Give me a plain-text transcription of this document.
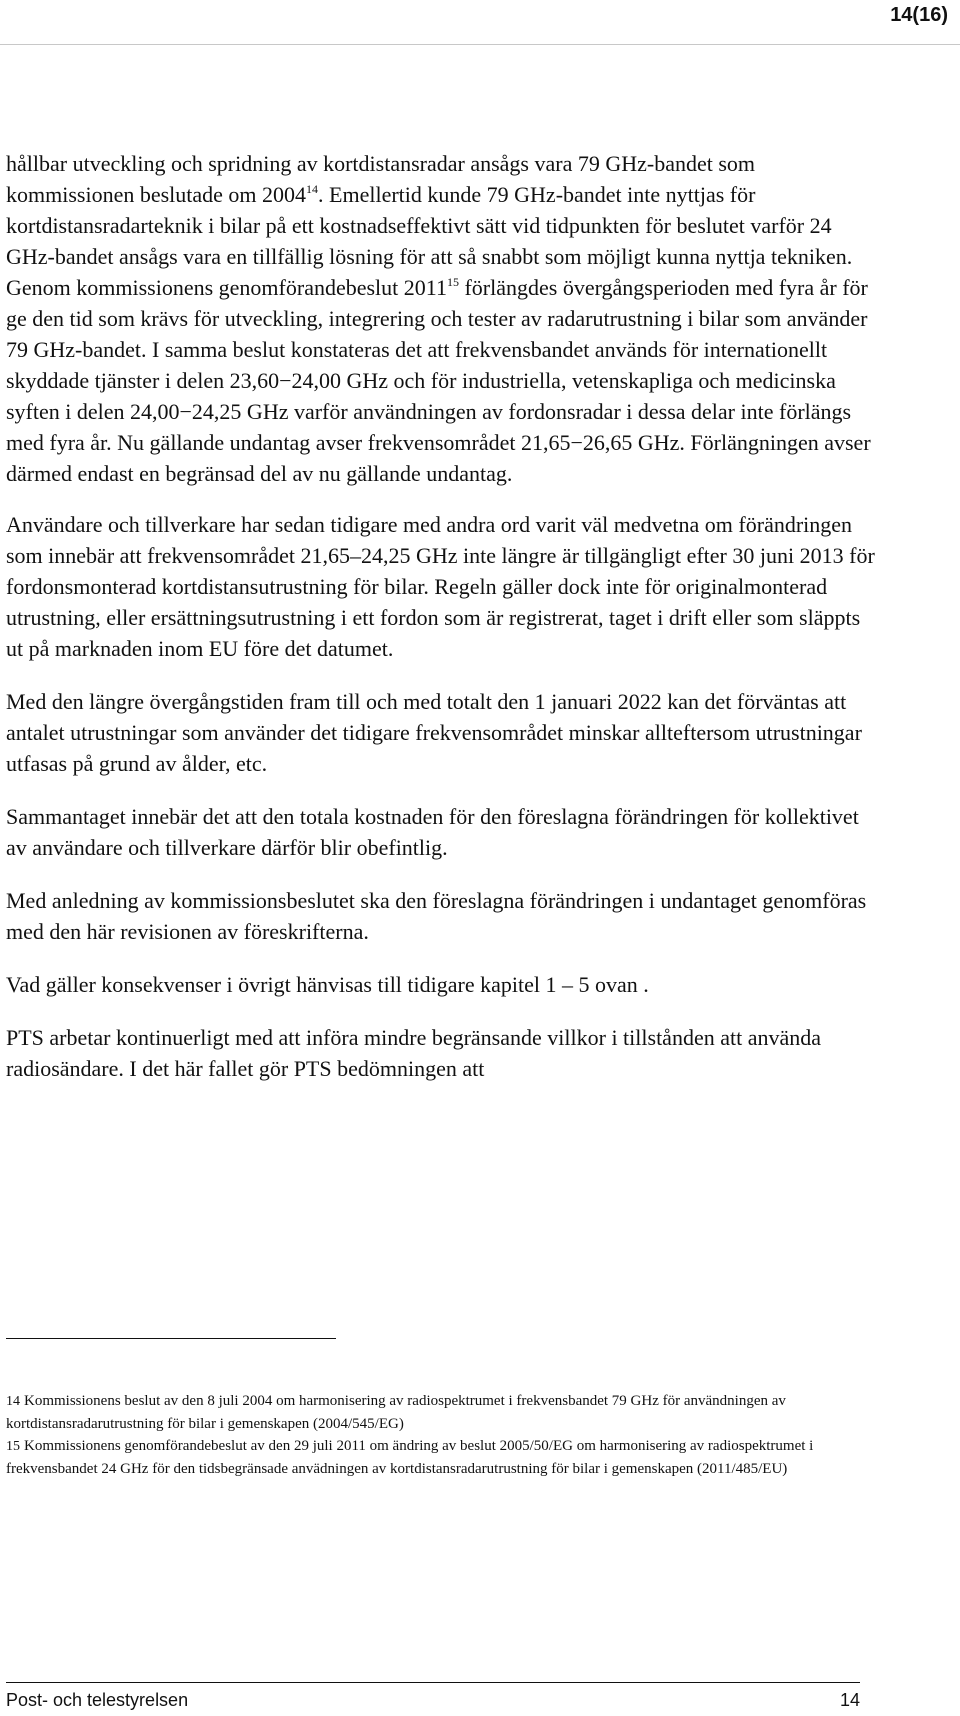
14(16)

hållbar utveckling och spridning av kortdistansradar ansågs vara 79 GHz-bandet som kommissionen beslutade om 2004$^{14}$. Emellertid kunde 79 GHz-bandet inte nyttjas för kortdistansradarteknik i bilar på ett kostnadseffektivt sätt vid tidpunkten för beslutet varför 24 GHz-bandet ansågs vara en tillfällig lösning för att så snabbt som möjligt kunna nyttja tekniken. Genom kommissionens genomförandebeslut 2011$^{15}$ förlängdes övergångsperioden med fyra år för ge den tid som krävs för utveckling, integrering och tester av radarutrustning i bilar som använder 79 GHz-bandet. I samma beslut konstateras det att frekvensbandet används för internationellt skyddade tjänster i delen 23,60−24,00 GHz och för industriella, vetenskapliga och medicinska syften i delen 24,00−24,25 GHz varför användningen av fordonsradar i dessa delar inte förlängs med fyra år. Nu gällande undantag avser frekvensområdet 21,65−26,65 GHz. Förlängningen avser därmed endast en begränsad del av nu gällande undantag.

Användare och tillverkare har sedan tidigare med andra ord varit väl medvetna om förändringen som innebär att frekvensområdet 21,65–24,25 GHz inte längre är tillgängligt efter 30 juni 2013 för fordonsmonterad kortdistansutrustning för bilar. Regeln gäller dock inte för originalmonterad utrustning, eller ersättningsutrustning i ett fordon som är registrerat, taget i drift eller som släppts ut på marknaden inom EU före det datumet.

Med den längre övergångstiden fram till och med totalt den 1 januari 2022 kan det förväntas att antalet utrustningar som använder det tidigare frekvensområdet minskar allteftersom utrustningar utfasas på grund av ålder, etc.

Sammantaget innebär det att den totala kostnaden för den föreslagna förändringen för kollektivet av användare och tillverkare därför blir obefintlig.

Med anledning av kommissionsbeslutet ska den föreslagna förändringen i undantaget genomföras med den här revisionen av föreskrifterna.

Vad gäller konsekvenser i övrigt hänvisas till tidigare kapitel 1 – 5 ovan .

PTS arbetar kontinuerligt med att införa mindre begränsande villkor i tillstånden att använda radiosändare. I det här fallet gör PTS bedömningen att

14 Kommissionens beslut av den 8 juli 2004 om harmonisering av radiospektrumet i frekvensbandet 79 GHz för användningen av kortdistansradarutrustning för bilar i gemenskapen (2004/545/EG)

15 Kommissionens genomförandebeslut av den 29 juli 2011 om ändring av beslut 2005/50/EG om harmonisering av radiospektrumet i frekvensbandet 24 GHz för den tidsbegränsade anvädningen av kortdistansradarutrustning för bilar i gemenskapen (2011/485/EU)

Post- och telestyrelsen	14
